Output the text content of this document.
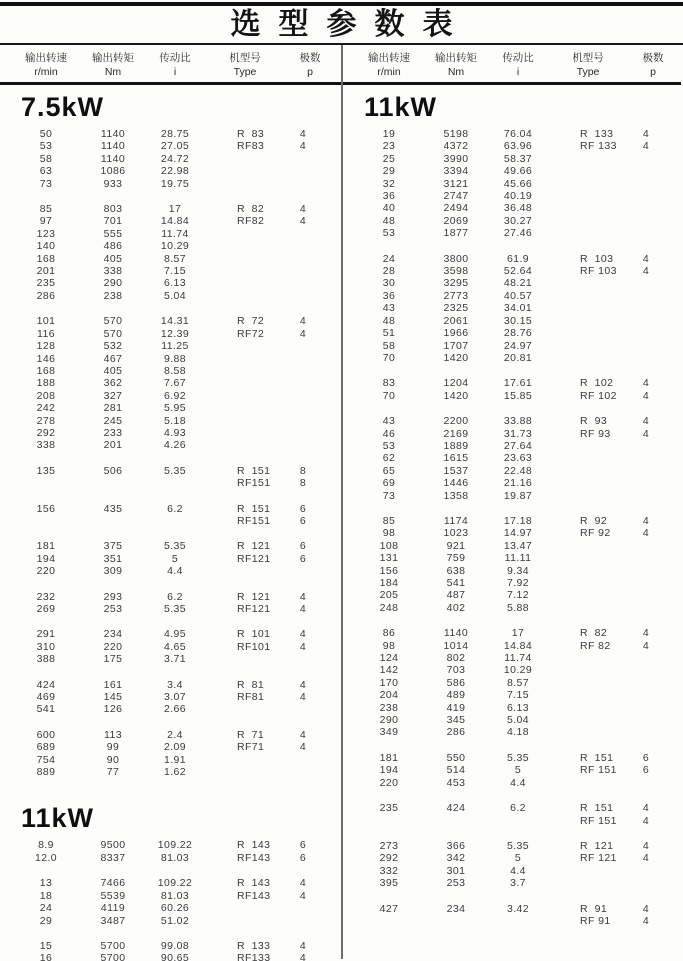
选型参数表
输出转速	输出转矩	传动比	机型号	极数
r/min	Nm	i	Type	p
7.5kW
50	1140	28.75	R  83	4
53	1140	27.05	RF83	4
58	1140	24.72
63	1086	22.98
73	933	19.75
85	803	17	R  82	4
97	701	14.84	RF82	4
123	555	11.74
140	486	10.29
168	405	8.57
201	338	7.15
235	290	6.13
286	238	5.04
101	570	14.31	R  72	4
116	570	12.39	RF72	4
128	532	11.25
146	467	9.88
168	405	8.58
188	362	7.67
208	327	6.92
242	281	5.95
278	245	5.18
292	233	4.93
338	201	4.26
135	506	5.35	R  151	8
RF151	8
156	435	6.2	R  151	6
RF151	6
181	375	5.35	R  121	6
194	351	5	RF121	6
220	309	4.4
232	293	6.2	R  121	4
269	253	5.35	RF121	4
291	234	4.95	R  101	4
310	220	4.65	RF101	4
388	175	3.71
424	161	3.4	R  81	4
469	145	3.07	RF81	4
541	126	2.66
600	113	2.4	R  71	4
689	99	2.09	RF71	4
754	90	1.91
889	77	1.62
11kW
8.9	9500	109.22	R  143	6
12.0	8337	81.03	RF143	6
13	7466	109.22	R  143	4
18	5539	81.03	RF143	4
24	4119	60.26
29	3487	51.02
15	5700	99.08	R  133	4
16	5700	90.65	RF133	4
输出转速	输出转矩	传动比	机型号	极数
r/min	Nm	i	Type	p
11kW
19	5198	76.04	R  133	4
23	4372	63.96	RF 133	4
25	3990	58.37
29	3394	49.66
32	3121	45.66
36	2747	40.19
40	2494	36.48
48	2069	30.27
53	1877	27.46
24	3800	61.9	R  103	4
28	3598	52.64	RF 103	4
30	3295	48.21
36	2773	40.57
43	2325	34.01
48	2061	30.15
51	1966	28.76
58	1707	24.97
70	1420	20.81
83	1204	17.61	R  102	4
70	1420	15.85	RF 102	4
43	2200	33.88	R  93	4
46	2169	31.73	RF 93	4
53	1889	27.64
62	1615	23.63
65	1537	22.48
69	1446	21.16
73	1358	19.87
85	1174	17.18	R  92	4
98	1023	14.97	RF 92	4
108	921	13.47
131	759	11.11
156	638	9.34
184	541	7.92
205	487	7.12
248	402	5.88
86	1140	17	R  82	4
98	1014	14.84	RF 82	4
124	802	11.74
142	703	10.29
170	586	8.57
204	489	7.15
238	419	6.13
290	345	5.04
349	286	4.18
181	550	5.35	R  151	6
194	514	5	RF 151	6
220	453	4.4
235	424	6.2	R  151	4
RF 151	4
273	366	5.35	R  121	4
292	342	5	RF 121	4
332	301	4.4
395	253	3.7
427	234	3.42	R  91	4
RF 91	4
